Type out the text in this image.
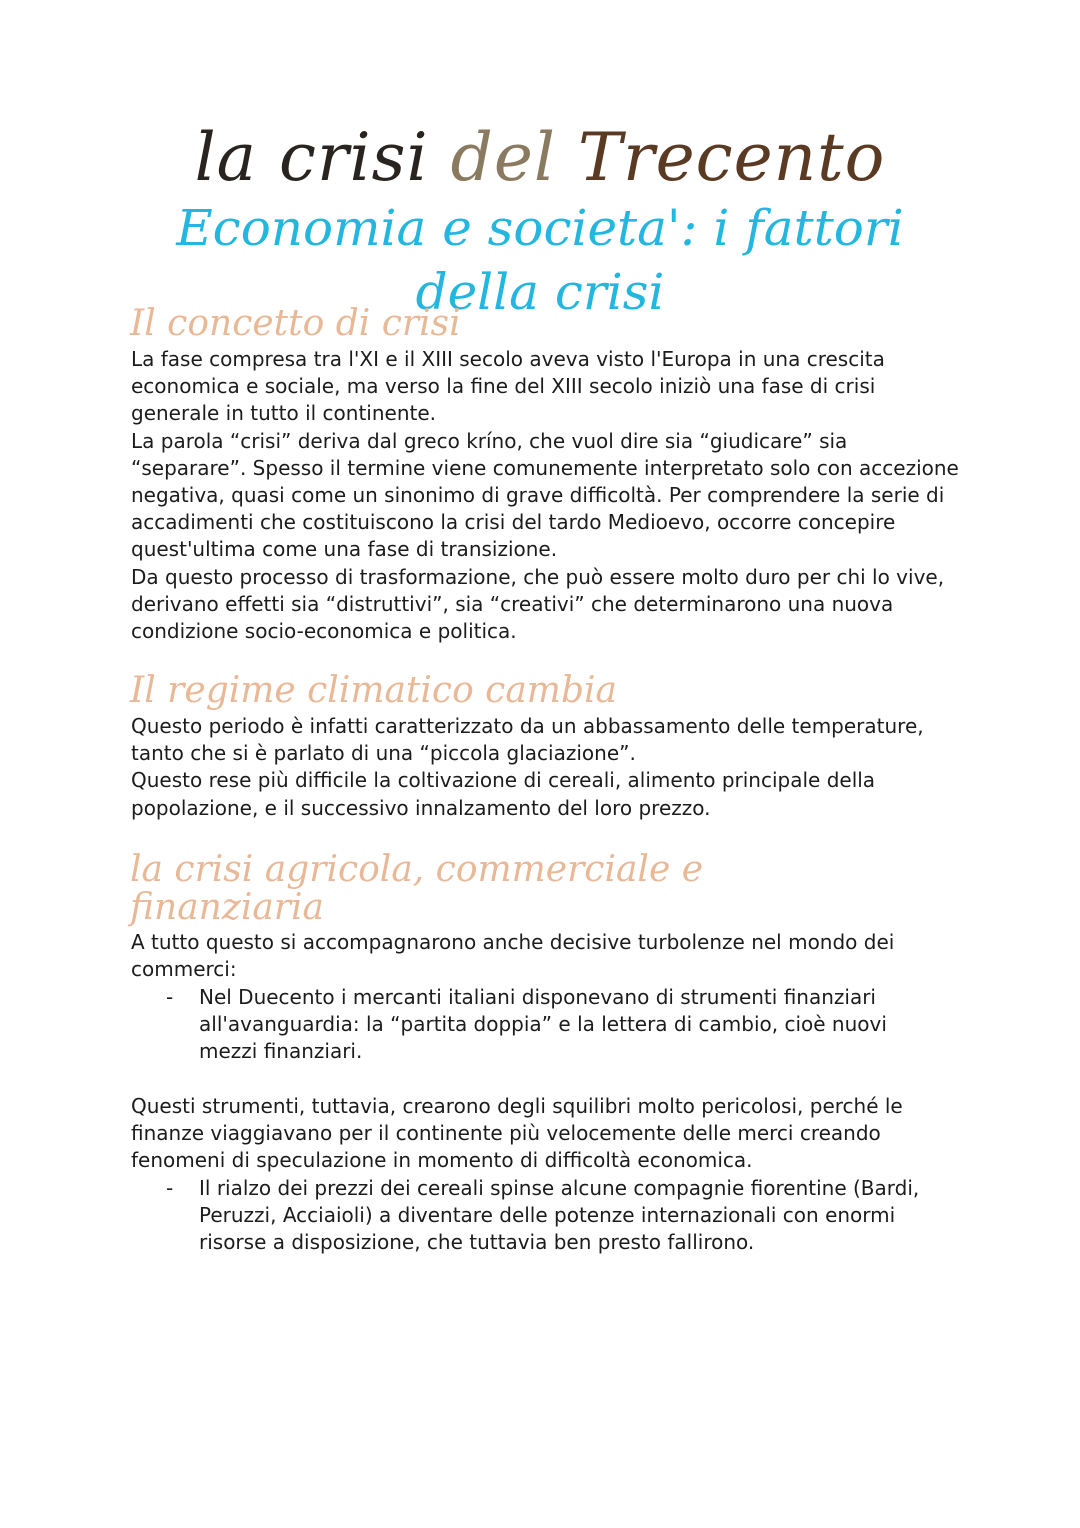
la crisi del Trecento
Economia e societa': i fattori della crisi
Il concetto di crisi
La fase compresa tra l'XI e il XIII secolo aveva visto l'Europa in una crescita economica e sociale, ma verso la fine del XIII secolo iniziò una fase di crisi generale in tutto il continente.
La parola “crisi” deriva dal greco kríno, che vuol dire sia “giudicare” sia “separare”. Spesso il termine viene comunemente interpretato solo con accezione negativa, quasi come un sinonimo di grave difficoltà. Per comprendere la serie di accadimenti che costituiscono la crisi del tardo Medioevo, occorre concepire quest'ultima come una fase di transizione.
Da questo processo di trasformazione, che può essere molto duro per chi lo vive, derivano effetti sia “distruttivi”, sia “creativi” che determinarono una nuova condizione socio-economica e politica.
Il regime climatico cambia
Questo periodo è infatti caratterizzato da un abbassamento delle temperature, tanto che si è parlato di una “piccola glaciazione”.
Questo rese più difficile la coltivazione di cereali, alimento principale della popolazione, e il successivo innalzamento del loro prezzo.
la crisi agricola, commerciale e
finanziaria
A tutto questo si accompagnarono anche decisive turbolenze nel mondo dei commerci:
- Nel Duecento i mercanti italiani disponevano di strumenti finanziari all'avanguardia: la “partita doppia” e la lettera di cambio, cioè nuovi mezzi finanziari.
Questi strumenti, tuttavia, crearono degli squilibri molto pericolosi, perché le finanze viaggiavano per il continente più velocemente delle merci creando fenomeni di speculazione in momento di difficoltà economica.
- Il rialzo dei prezzi dei cereali spinse alcune compagnie fiorentine (Bardi, Peruzzi, Acciaioli) a diventare delle potenze internazionali con enormi risorse a disposizione, che tuttavia ben presto fallirono.
